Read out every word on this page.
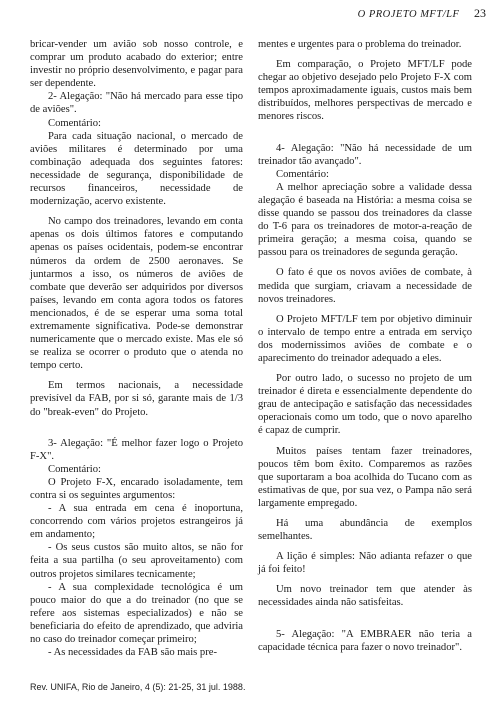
O PROJETO MFT/LF 23

bricar-vender um avião sob nosso controle, e comprar um produto acabado do exterior; entre investir no próprio desenvolvimento, e pagar para ser dependente.

2- Alegação: "Não há mercado para esse tipo de aviões".

Comentário:

Para cada situação nacional, o mercado de aviões militares é determinado por uma combinação adequada dos seguintes fatores: necessidade de segurança, disponibilidade de recursos financeiros, necessidade de modernização, acervo existente.

No campo dos treinadores, levando em conta apenas os dois últimos fatores e computando apenas os países ocidentais, podem-se encontrar números da ordem de 2500 aeronaves. Se juntarmos a isso, os números de aviões de combate que deverão ser adquiridos por diversos países, levando em conta agora todos os fatores mencionados, é de se esperar uma soma total extremamente significativa. Pode-se demonstrar numericamente que o mercado existe. Mas ele só se realiza se ocorrer o produto que o atenda no tempo certo.

Em termos nacionais, a necessidade previsível da FAB, por si só, garante mais de 1/3 do "break-even" do Projeto.

3- Alegação: "É melhor fazer logo o Projeto F-X".

Comentário:

O Projeto F-X, encarado isoladamente, tem contra si os seguintes argumentos:

- A sua entrada em cena é inoportuna, concorrendo com vários projetos estrangeiros já em andamento;

- Os seus custos são muito altos, se não for feita a sua partilha (o seu aproveitamento) com outros projetos similares tecnicamente;

- A sua complexidade tecnológica é um pouco maior do que a do treinador (no que se refere aos sistemas especializados) e não se beneficiaria do efeito de aprendizado, que adviria no caso do treinador começar primeiro;

- As necessidades da FAB são mais pre-

mentes e urgentes para o problema do treinador.

Em comparação, o Projeto MFT/LF pode chegar ao objetivo desejado pelo Projeto F-X com tempos aproximadamente iguais, custos mais bem distribuídos, melhores perspectivas de mercado e menores riscos.

4- Alegação: "Não há necessidade de um treinador tão avançado".

Comentário:

A melhor apreciação sobre a validade dessa alegação é baseada na História: a mesma coisa se disse quando se passou dos treinadores da classe do T-6 para os treinadores de motor-a-reação de primeira geração; a mesma coisa, quando se passou para os treinadores de segunda geração.

O fato é que os novos aviões de combate, à medida que surgiam, criavam a necessidade de novos treinadores.

O Projeto MFT/LF tem por objetivo diminuir o intervalo de tempo entre a entrada em serviço dos modernissimos aviões de combate e o aparecimento do treinador adequado a eles.

Por outro lado, o sucesso no projeto de um treinador é direta e essencialmente dependente do grau de antecipação e satisfação das necessidades operacionais como um todo, que o novo aparelho é capaz de cumprir.

Muitos países tentam fazer treinadores, poucos têm bom êxito. Comparemos as razões que suportaram a boa acolhida do Tucano com as estimativas de que, por sua vez, o Pampa não será largamente empregado.

Há uma abundância de exemplos semelhantes.

A lição é simples: Não adianta refazer o que já foi feito!

Um novo treinador tem que atender às necessidades ainda não satisfeitas.

5- Alegação: "A EMBRAER não teria a capacidade técnica para fazer o novo treinador".

Rev. UNIFA, Rio de Janeiro, 4 (5): 21-25, 31 jul. 1988.
